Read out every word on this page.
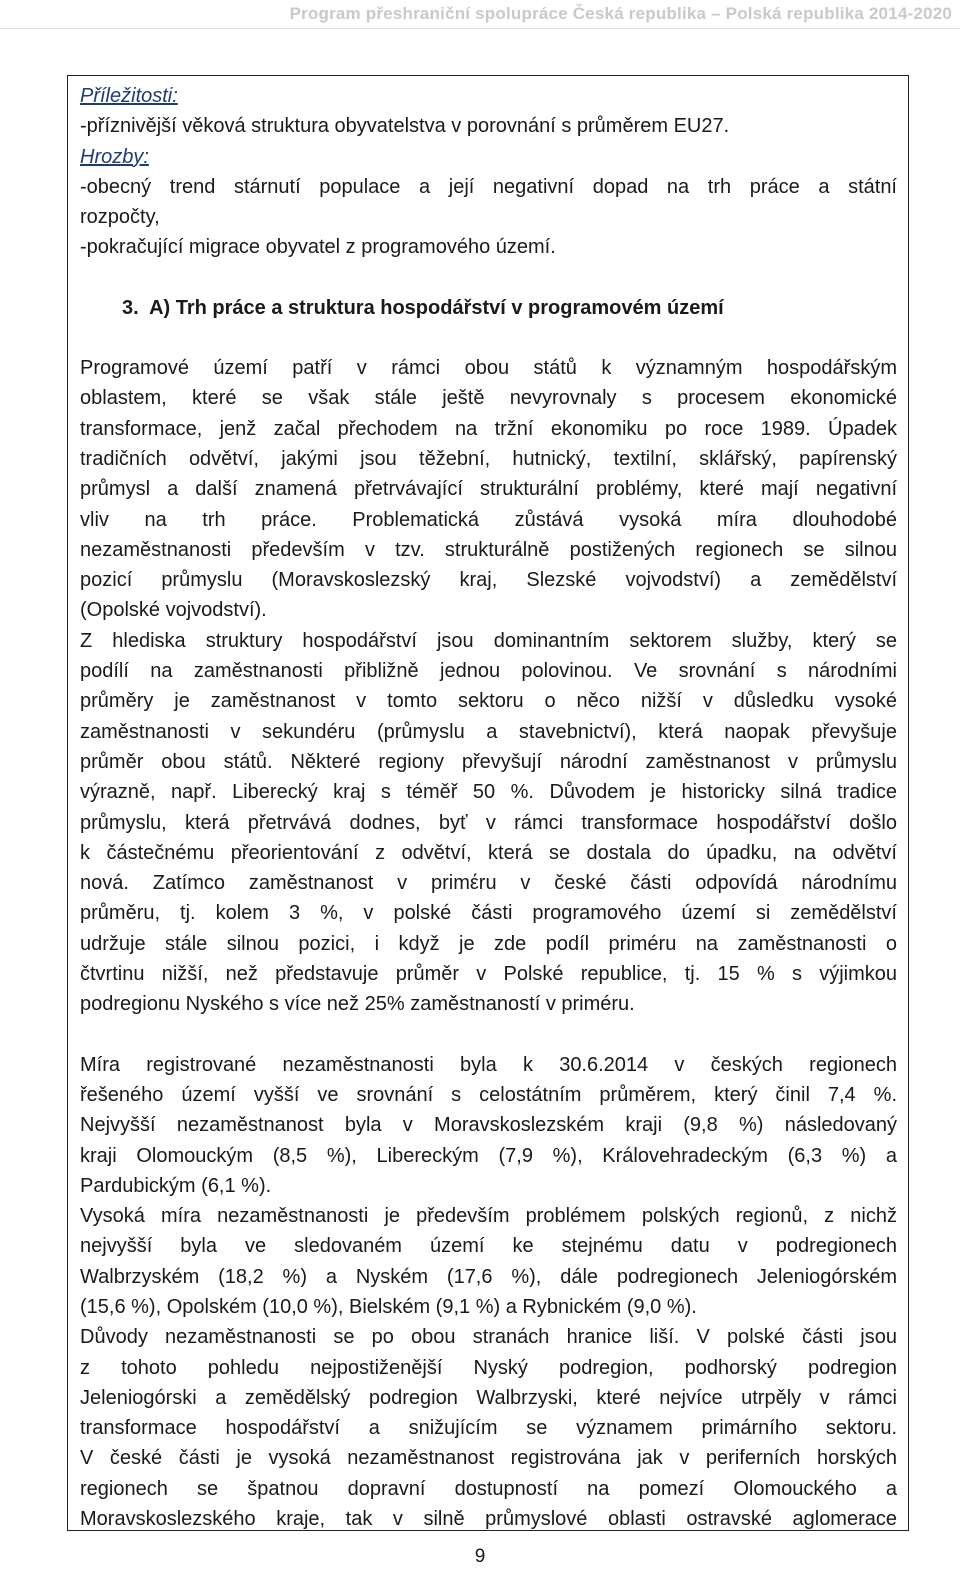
Program přeshraniční spolupráce Česká republika – Polská republika 2014-2020

Příležitosti:

-příznivější věková struktura obyvatelstva v porovnání s průměrem EU27.

Hrozby:

-obecný trend stárnutí populace a její negativní dopad na trh práce a státní

rozpočty,

-pokračující migrace obyvatel z programového území.

3. A) Trh práce a struktura hospodářství v programovém území

Programové území patří v rámci obou států k významným hospodářským

oblastem, které se však stále ještě nevyrovnaly s procesem ekonomické

transformace, jenž začal přechodem na tržní ekonomiku po roce 1989. Úpadek

tradičních odvětví, jakými jsou těžební, hutnický, textilní, sklářský, papírenský

průmysl a další znamená přetrvávající strukturální problémy, které mají negativní

vliv na trh práce. Problematická zůstává vysoká míra dlouhodobé

nezaměstnanosti především v tzv. strukturálně postižených regionech se silnou

pozicí průmyslu (Moravskoslezský kraj, Slezské vojvodství) a zemědělství

(Opolské vojvodství).

Z hlediska struktury hospodářství jsou dominantním sektorem služby, který se

podílí na zaměstnanosti přibližně jednou polovinou. Ve srovnání s národními

průměry je zaměstnanost v tomto sektoru o něco nižší v důsledku vysoké

zaměstnanosti v sekundéru (průmyslu a stavebnictví), která naopak převyšuje

průměr obou států. Některé regiony převyšují národní zaměstnanost v průmyslu

výrazně, např. Liberecký kraj s téměř 50 %. Důvodem je historicky silná tradice

průmyslu, která přetrvává dodnes, byť v rámci transformace hospodářství došlo

k částečnému přeorientování z odvětví, která se dostala do úpadku, na odvětví

nová. Zatímco zaměstnanost v primέru v české části odpovídá národnímu

průměru, tj. kolem 3 %, v polské části programového území si zemědělství

udržuje stále silnou pozici, i když je zde podíl priméru na zaměstnanosti o

čtvrtinu nižší, než představuje průměr v Polské republice, tj. 15 % s výjimkou

podregionu Nyského s více než 25% zaměstnaností v priméru.

Míra registrované nezaměstnanosti byla k 30.6.2014 v českých regionech

řešeného území vyšší ve srovnání s celostátním průměrem, který činil 7,4 %.

Nejvyšší nezaměstnanost byla v Moravskoslezském kraji (9,8 %) následovaný

kraji Olomouckým (8,5 %), Libereckým (7,9 %), Královehradeckým (6,3 %) a

Pardubickým (6,1 %).

Vysoká míra nezaměstnanosti je především problémem polských regionů, z nichž

nejvyšší byla ve sledovaném území ke stejnému datu v podregionech

Walbrzyském (18,2 %) a Nyském (17,6 %), dále podregionech Jeleniogórském

(15,6 %), Opolském (10,0 %), Bielském (9,1 %) a Rybnickém (9,0 %).

Důvody nezaměstnanosti se po obou stranách hranice liší. V polské části jsou

z tohoto pohledu nejpostiženější Nyský podregion, podhorský podregion

Jeleniogórski a zemědělský podregion Walbrzyski, které nejvíce utrpěly v rámci

transformace hospodářství a snižujícím se významem primárního sektoru.

V české části je vysoká nezaměstnanost registrována jak v periferních horských

regionech se špatnou dopravní dostupností na pomezí Olomouckého a

Moravskoslezského kraje, tak v silně průmyslové oblasti ostravské aglomerace

9
